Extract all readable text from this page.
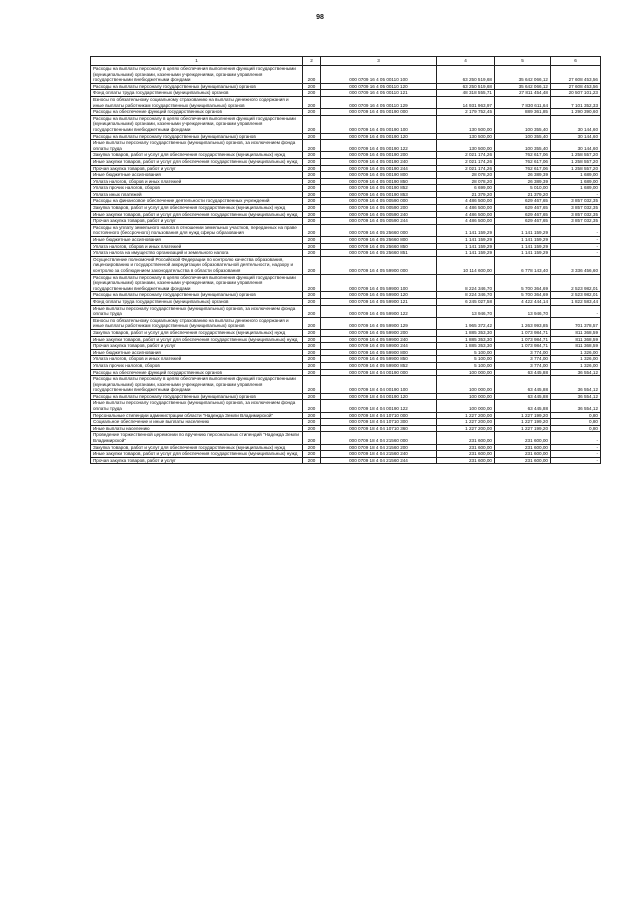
98
1	2	3	4	5	6
Расходы на выплаты персоналу в целях обеспечения выполнения функций государственными (муниципальными) органами, казенными учреждениями, органами управления государственными внебюджетными фондами	200	000 0709 16 4 05 00110 100	63 250 519,68	35 642 066,12	27 608 453,56
Расходы на выплаты персоналу государственных (муниципальных) органов	200	000 0709 16 4 05 00110 120	63 250 519,68	35 642 066,12	27 608 453,56
Фонд оплаты труда государственных (муниципальных) органов	200	000 0709 16 4 05 00110 121	48 318 555,71	27 811 454,48	20 507 101,23
Взносы по обязательному социальному страхованию на выплаты денежного содержания и иные выплаты работникам государственных (муниципальных) органов	200	000 0709 16 4 05 00110 129	14 931 963,97	7 830 611,64	7 101 352,33
Расходы на обеспечение функций государственных органов	200	000 0709 16 4 05 00190 000	2 179 752,45	889 361,85	1 290 390,60
Расходы на выплаты персоналу в целях обеспечения выполнения функций государственными (муниципальными) органами, казенными учреждениями, органами управления государственными внебюджетными фондами	200	000 0709 16 4 05 00190 100	130 500,00	100 355,40	30 144,60
Расходы на выплаты персоналу государственных (муниципальных) органов	200	000 0709 16 4 05 00190 120	130 500,00	100 355,40	30 144,60
Иные выплаты персоналу государственных (муниципальных) органов, за исключением фонда оплаты труда	200	000 0709 16 4 05 00190 122	130 500,00	100 355,40	30 144,60
Закупка товаров, работ и услуг для обеспечения государственных (муниципальных) нужд	200	000 0709 16 4 05 00190 200	2 021 174,26	762 617,06	1 258 557,20
Иные закупки товаров, работ и услуг для обеспечения государственных (муниципальных) нужд	200	000 0709 16 4 05 00190 240	2 021 174,26	762 617,06	1 258 557,20
Прочая закупка товаров, работ и услуг	200	000 0709 16 4 05 00190 244	2 021 174,26	762 617,06	1 258 557,20
Иные бюджетные ассигнования	200	000 0709 16 4 05 00190 800	28 078,20	26 389,39	1 689,00
Уплата налогов, сборов и иных платежей	200	000 0709 16 4 05 00190 850	28 078,20	26 389,39	1 689,00
Уплата прочих налогов, сборов	200	000 0709 16 4 05 00190 852	6 699,00	5 010,00	1 689,00
Уплата иных платежей	200	000 0709 16 4 05 00190 853	21 379,20	21 379,20	-
Расходы на финансовое обеспечение деятельности государственных учреждений	200	000 0709 16 4 05 00590 000	4 486 500,00	629 467,65	3 857 032,35
Закупка товаров, работ и услуг для обеспечения государственных (муниципальных) нужд	200	000 0709 16 4 05 00590 200	4 486 500,00	629 467,65	3 857 032,35
Иные закупки товаров, работ и услуг для обеспечения государственных (муниципальных) нужд	200	000 0709 16 4 05 00590 240	4 486 500,00	629 467,65	3 857 032,35
Прочая закупка товаров, работ и услуг	200	000 0709 16 4 05 00590 244	4 486 500,00	629 467,65	3 857 032,35
Расходы на уплату земельного налога в отношении земельных участков, переданных на праве постоянного (бессрочного) пользования для нужд сферы образования	200	000 0709 16 4 05 25660 000	1 141 159,29	1 141 159,29	-
Иные бюджетные ассигнования	200	000 0709 16 4 05 25660 800	1 141 159,29	1 141 159,29	-
Уплата налогов, сборов и иных платежей	200	000 0709 16 4 05 25660 850	1 141 159,29	1 141 159,29	-
Уплата налога на имущество организаций и земельного налога	200	000 0709 16 4 05 25660 851	1 141 159,29	1 141 159,29	-
Осуществление полномочий Российской Федерации по контролю качества образования, лицензированию и государственной аккредитации образовательной деятельности, надзору и контролю за соблюдением законодательства в области образования	200	000 0709 16 4 05 59900 000	10 114 600,00	6 778 143,40	3 336 456,60
Расходы на выплаты персоналу в целях обеспечения выполнения функций государственными (муниципальными) органами, казенными учреждениями, органами управления государственными внебюджетными фондами	200	000 0709 16 4 05 59900 100	8 224 346,70	5 700 364,69	2 523 982,01
Расходы на выплаты персоналу государственных (муниципальных) органов	200	000 0709 16 4 05 59900 120	8 224 346,70	5 700 364,69	2 523 982,01
Фонд оплаты труда государственных (муниципальных) органов	200	000 0709 16 4 05 59900 121	6 245 027,58	4 422 444,14	1 822 583,44
Иные выплаты персоналу государственных (муниципальных) органов, за исключением фонда оплаты труда	200	000 0709 16 4 05 59900 122	13 946,70	13 946,70	-
Взносы по обязательному социальному страхованию на выплаты денежного содержания и иные выплаты работникам государственных (муниципальных) органов	200	000 0709 16 4 05 59900 129	1 965 372,42	1 263 993,85	701 378,57
Закупка товаров, работ и услуг для обеспечения государственных (муниципальных) нужд	200	000 0709 16 4 05 59900 200	1 885 353,30	1 073 984,71	811 368,59
Иные закупки товаров, работ и услуг для обеспечения государственных (муниципальных) нужд	200	000 0709 16 4 05 59900 240	1 885 353,30	1 073 984,71	811 368,59
Прочая закупка товаров, работ и услуг	200	000 0709 16 4 05 59900 244	1 885 353,30	1 073 984,71	811 368,59
Иные бюджетные ассигнования	200	000 0709 16 4 05 59900 800	5 100,00	3 774,00	1 326,00
Уплата налогов, сборов и иных платежей	200	000 0709 16 4 05 59900 850	5 100,00	3 774,00	1 326,00
Уплата прочих налогов, сборов	200	000 0709 16 4 05 59900 852	5 100,00	3 774,00	1 326,00
Расходы на обеспечение функций государственных органов	200	000 0709 18 4 04 00190 000	100 000,00	63 445,88	36 554,12
Расходы на выплаты персоналу в целях обеспечения выполнения функций государственными (муниципальными) органами, казенными учреждениями, органами управления государственными внебюджетными фондами	200	000 0709 18 4 04 00190 100	100 000,00	63 445,88	36 554,12
Расходы на выплаты персоналу государственных (муниципальных) органов	200	000 0709 18 4 04 00190 120	100 000,00	63 445,88	36 554,12
Иные выплаты персоналу государственных (муниципальных) органов, за исключением фонда оплаты труда	200	000 0709 18 4 04 00190 122	100 000,00	63 445,88	36 554,12
Персональные стипендии администрации области "Надежда Земли Владимирской"	200	000 0709 18 4 04 10710 000	1 227 200,00	1 227 199,20	0,80
Социальное обеспечение и иные выплаты населению	200	000 0709 18 4 04 10710 300	1 227 200,00	1 227 199,20	0,80
Иные выплаты населению	200	000 0709 18 4 04 10710 360	1 227 200,00	1 227 199,20	0,80
Проведение торжественной церемонии по вручению персональных стипендий "Надежда Земли Владимирской"	200	000 0709 18 4 04 21560 000	231 600,00	231 600,00	-
Закупка товаров, работ и услуг для обеспечения государственных (муниципальных) нужд	200	000 0709 18 4 04 21560 200	231 600,00	231 600,00	-
Иные закупки товаров, работ и услуг для обеспечения государственных (муниципальных) нужд	200	000 0709 18 4 04 21560 240	231 600,00	231 600,00	-
Прочая закупка товаров, работ и услуг	200	000 0709 18 4 04 21560 244	231 600,00	231 600,00	-
